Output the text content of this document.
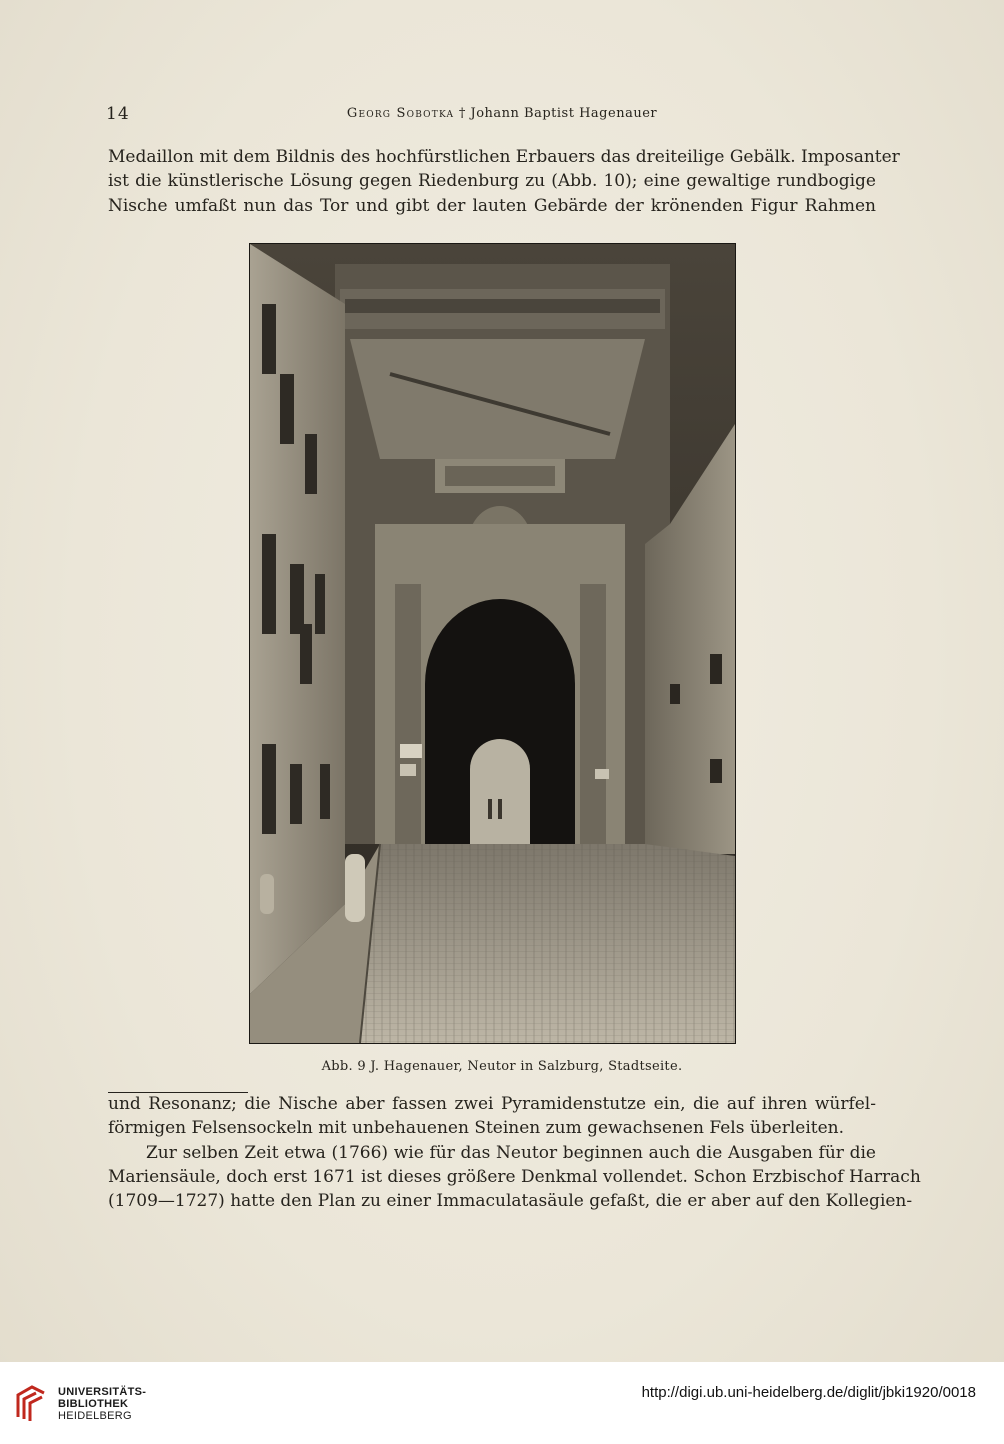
14	Georg Sobotka † Johann Baptist Hagenauer
Medaillon mit dem Bildnis des hochfürstlichen Erbauers das dreiteilige Gebälk. Imposanter
ist die künstlerische Lösung gegen Riedenburg zu (Abb. 10); eine gewaltige rundbogige
Nische umfaßt nun das Tor und gibt der lauten Gebärde der krönenden Figur Rahmen
Abb. 9 J. Hagenauer, Neutor in Salzburg, Stadtseite.
und Resonanz; die Nische aber fassen zwei Pyramidenstutze ein, die auf ihren würfel-
förmigen Felsensockeln mit unbehauenen Steinen zum gewachsenen Fels überleiten.
Zur selben Zeit etwa (1766) wie für das Neutor beginnen auch die Ausgaben für die
Mariensäule, doch erst 1671 ist dieses größere Denkmal vollendet. Schon Erzbischof Harrach
(1709—1727) hatte den Plan zu einer Immaculatasäule gefaßt, die er aber auf den Kollegien-
UNIVERSITÄTS-
BIBLIOTHEK
HEIDELBERG
http://digi.ub.uni-heidelberg.de/diglit/jbki1920/0018
